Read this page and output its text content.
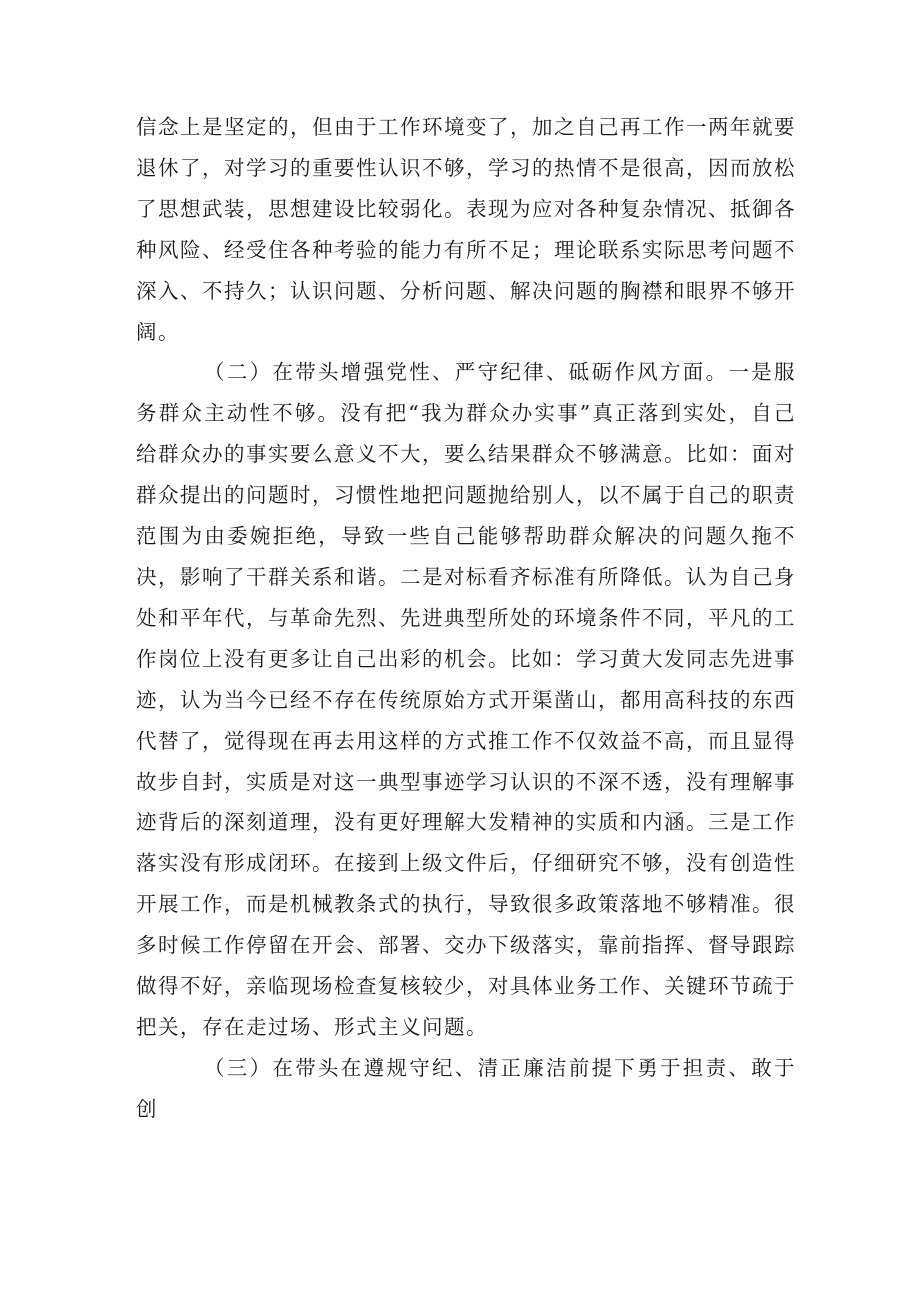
信念上是坚定的，但由于工作环境变了，加之自己再工作一两年就要退休了，对学习的重要性认识不够，学习的热情不是很高，因而放松了思想武装，思想建设比较弱化。表现为应对各种复杂情况、抵御各种风险、经受住各种考验的能力有所不足；理论联系实际思考问题不深入、不持久；认识问题、分析问题、解决问题的胸襟和眼界不够开阔。

（二）在带头增强党性、严守纪律、砥砺作风方面。一是服务群众主动性不够。没有把“我为群众办实事”真正落到实处，自己给群众办的事实要么意义不大，要么结果群众不够满意。比如：面对群众提出的问题时，习惯性地把问题抛给别人，以不属于自己的职责范围为由委婉拒绝，导致一些自己能够帮助群众解决的问题久拖不决，影响了干群关系和谐。二是对标看齐标准有所降低。认为自己身处和平年代，与革命先烈、先进典型所处的环境条件不同，平凡的工作岗位上没有更多让自己出彩的机会。比如：学习黄大发同志先进事迹，认为当今已经不存在传统原始方式开渠凿山，都用高科技的东西代替了，觉得现在再去用这样的方式推工作不仅效益不高，而且显得故步自封，实质是对这一典型事迹学习认识的不深不透，没有理解事迹背后的深刻道理，没有更好理解大发精神的实质和内涵。三是工作落实没有形成闭环。在接到上级文件后，仔细研究不够，没有创造性开展工作，而是机械教条式的执行，导致很多政策落地不够精准。很多时候工作停留在开会、部署、交办下级落实，靠前指挥、督导跟踪做得不好，亲临现场检查复核较少，对具体业务工作、关键环节疏于把关，存在走过场、形式主义问题。

（三）在带头在遵规守纪、清正廉洁前提下勇于担责、敢于创
